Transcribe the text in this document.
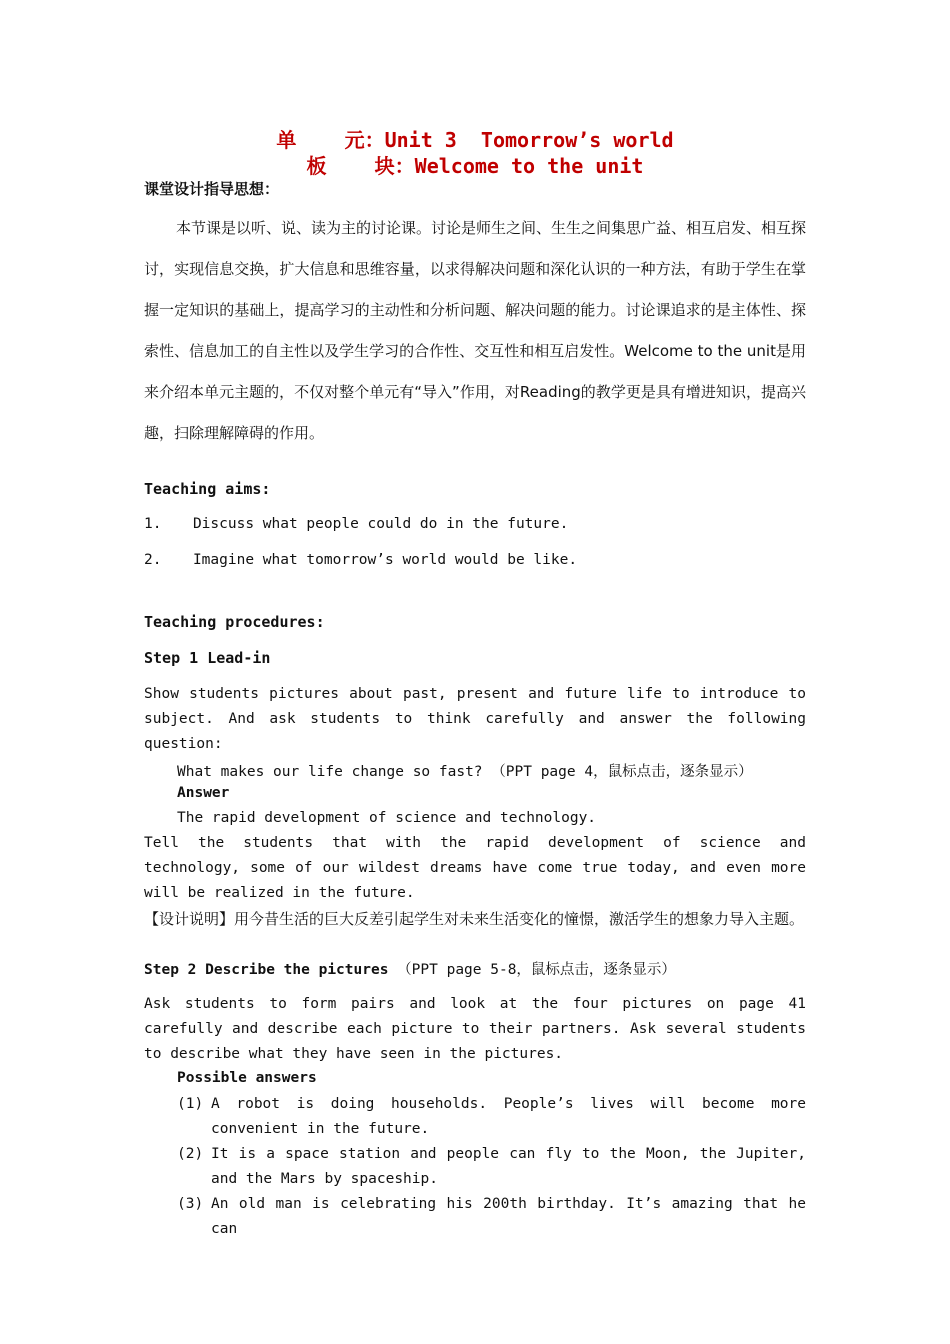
单    元：Unit 3  Tomorrow’s world
板    块：Welcome to the unit
课堂设计指导思想：
本节课是以听、说、读为主的讨论课。讨论是师生之间、生生之间集思广益、相互启发、相互探讨，实现信息交换，扩大信息和思维容量，以求得解决问题和深化认识的一种方法，有助于学生在掌握一定知识的基础上，提高学习的主动性和分析问题、解决问题的能力。讨论课追求的是主体性、探索性、信息加工的自主性以及学生学习的合作性、交互性和相互启发性。Welcome to the unit是用来介绍本单元主题的，不仅对整个单元有“导入”作用，对Reading的教学更是具有增进知识，提高兴趣，扫除理解障碍的作用。
Teaching aims:
1. Discuss what people could do in the future.
2. Imagine what tomorrow’s world would be like.
Teaching procedures:
Step 1 Lead-in
Show students pictures about past, present and future life to introduce to subject. And ask students to think carefully and answer the following question:
What makes our life change so fast? （PPT page 4，鼠标点击，逐条显示）
Answer
The rapid development of science and technology.
Tell the students that with the rapid development of science and technology, some of our wildest dreams have come true today, and even more will be realized in the future.
【设计说明】用今昔生活的巨大反差引起学生对未来生活变化的憧憬，激活学生的想象力导入主题。
Step 2 Describe the pictures （PPT page 5-8，鼠标点击，逐条显示）
Ask students to form pairs and look at the four pictures on page 41 carefully and describe each picture to their partners. Ask several students to describe what they have seen in the pictures.
Possible answers
(1) A robot is doing households. People’s lives will become more convenient in the future.
(2) It is a space station and people can fly to the Moon, the Jupiter, and the Mars by spaceship.
(3) An old man is celebrating his 200th birthday. It’s amazing that he can
